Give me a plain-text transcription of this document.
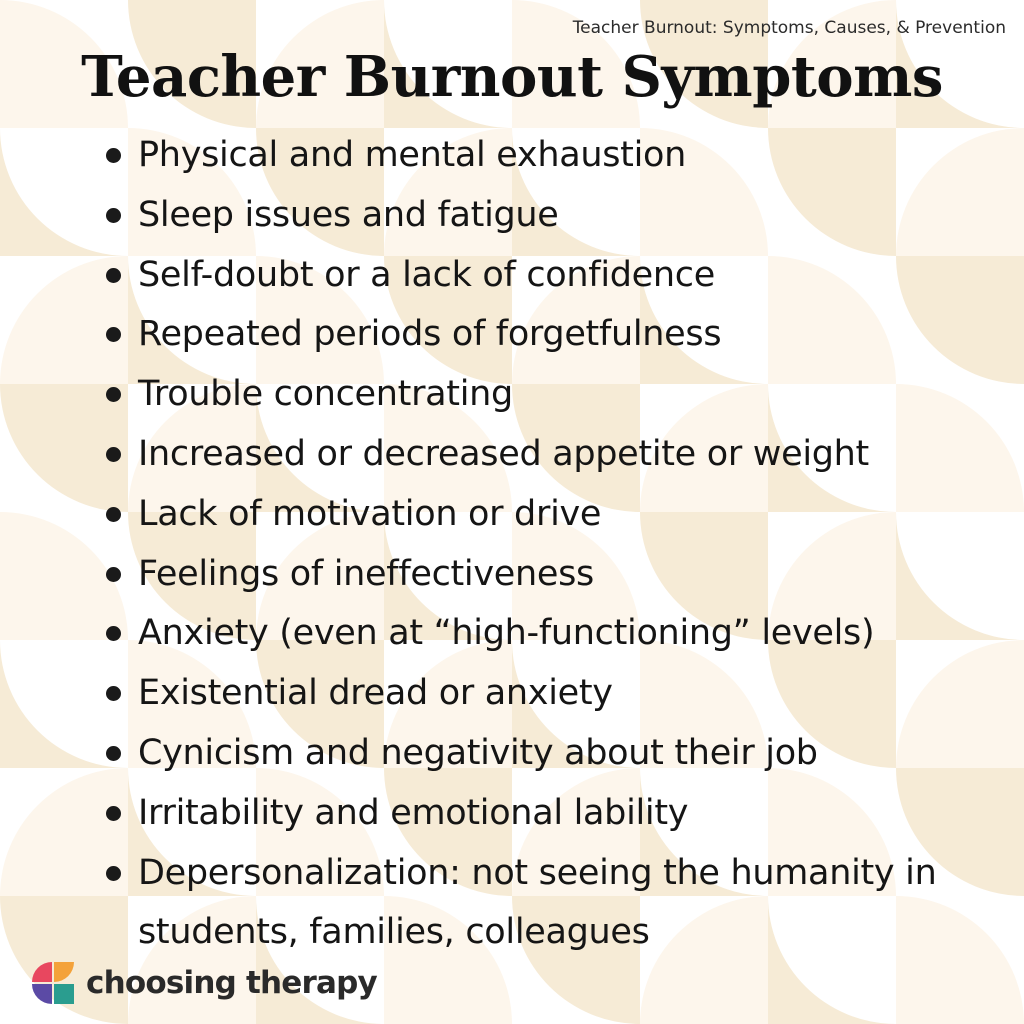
Teacher Burnout: Symptoms, Causes, & Prevention
Teacher Burnout Symptoms
Physical and mental exhaustion
Sleep issues and fatigue
Self-doubt or a lack of confidence
Repeated periods of forgetfulness
Trouble concentrating
Increased or decreased appetite or weight
Lack of motivation or drive
Feelings of ineffectiveness
Anxiety (even at “high-functioning” levels)
Existential dread or anxiety
Cynicism and negativity about their job
Irritability and emotional lability
Depersonalization: not seeing the humanity in students, families, colleagues
choosing therapy
